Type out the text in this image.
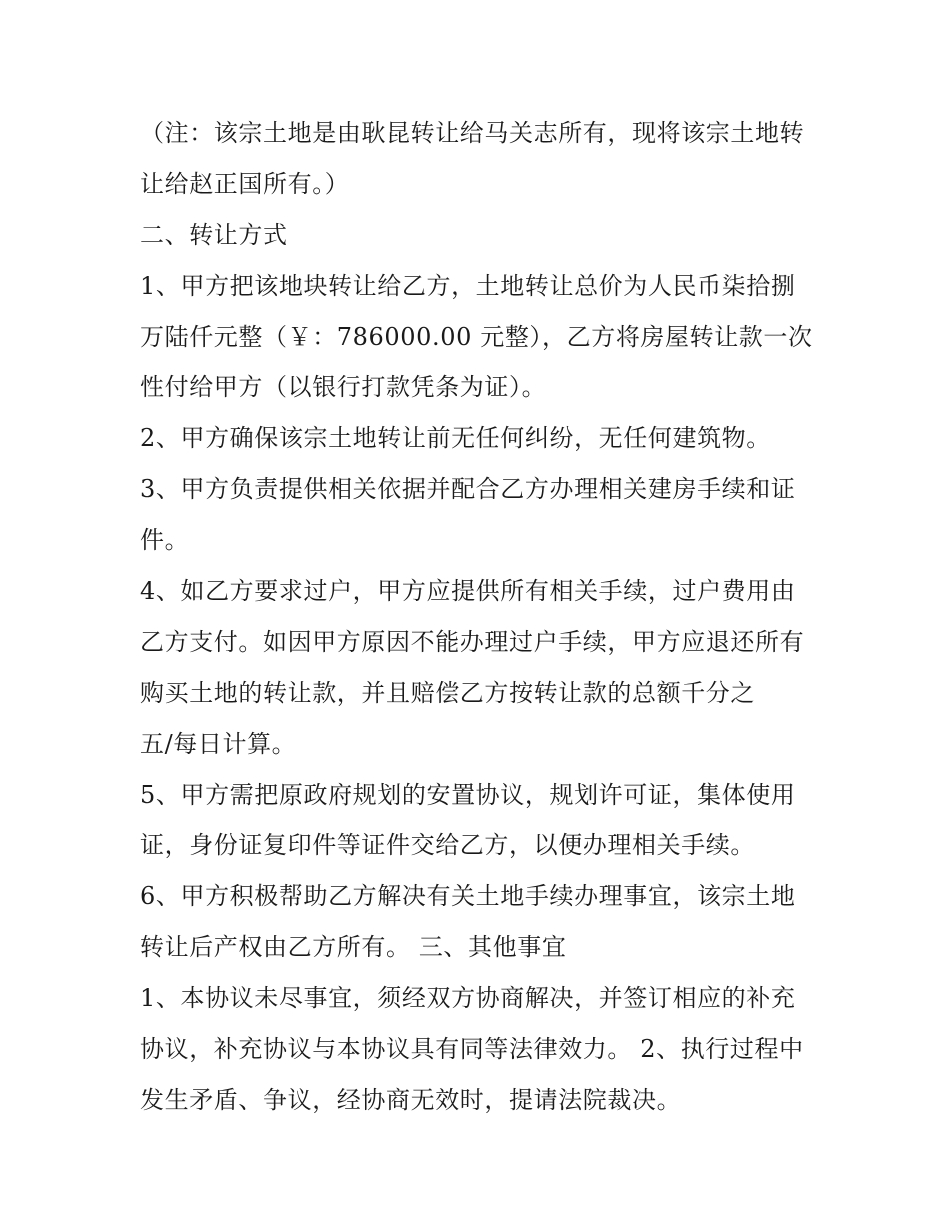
（注：该宗土地是由耿昆转让给马关志所有，现将该宗土地转
让给赵正国所有。）
二、转让方式
1、甲方把该地块转让给乙方，土地转让总价为人民币柒拾捌
万陆仟元整（￥：786000.00 元整），乙方将房屋转让款一次
性付给甲方（以银行打款凭条为证）。
2、甲方确保该宗土地转让前无任何纠纷，无任何建筑物。
3、甲方负责提供相关依据并配合乙方办理相关建房手续和证
件。
4、如乙方要求过户，甲方应提供所有相关手续，过户费用由
乙方支付。如因甲方原因不能办理过户手续，甲方应退还所有
购买土地的转让款，并且赔偿乙方按转让款的总额千分之
五/每日计算。
5、甲方需把原政府规划的安置协议，规划许可证，集体使用
证，身份证复印件等证件交给乙方，以便办理相关手续。
6、甲方积极帮助乙方解决有关土地手续办理事宜，该宗土地
转让后产权由乙方所有。 三、其他事宜
1、本协议未尽事宜，须经双方协商解决，并签订相应的补充
协议，补充协议与本协议具有同等法律效力。 2、执行过程中
发生矛盾、争议，经协商无效时，提请法院裁决。
